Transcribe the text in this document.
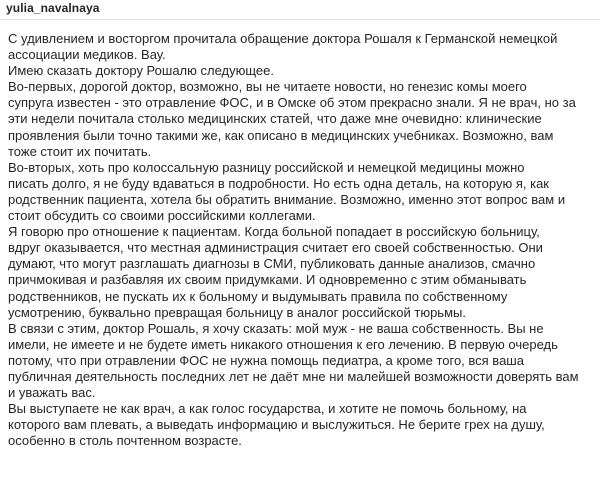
yulia_navalnaya

С удивлением и восторгом прочитала обращение доктора Рошаля к Германской немецкой
ассоциации медиков. Вау.

Имею сказать доктору Рошалю следующее.

Во-первых, дорогой доктор, возможно, вы не читаете новости, но генезис комы моего
супруга известен - это отравление ФОС, и в Омске об этом прекрасно знали. Я не врач, но за
эти недели почитала столько медицинских статей, что даже мне очевидно: клинические
проявления были точно такими же, как описано в медицинских учебниках. Возможно, вам
тоже стоит их почитать.

Во-вторых, хоть про колоссальную разницу российской и немецкой медицины можно
писать долго, я не буду вдаваться в подробности. Но есть одна деталь, на которую я, как
родственник пациента, хотела бы обратить внимание. Возможно, именно этот вопрос вам и
стоит обсудить со своими российскими коллегами.

Я говорю про отношение к пациентам. Когда больной попадает в российскую больницу,
вдруг оказывается, что местная администрация считает его своей собственностью. Они
думают, что могут разглашать диагнозы в СМИ, публиковать данные анализов, смачно
причмокивая и разбавляя их своим придумками. И одновременно с этим обманывать
родственников, не пускать их к больному и выдумывать правила по собственному
усмотрению, буквально превращая больницу в аналог российской тюрьмы.

В связи с этим, доктор Рошаль, я хочу сказать: мой муж - не ваша собственность. Вы не
имели, не имеете и не будете иметь никакого отношения к его лечению. В первую очередь
потому, что при отравлении ФОС не нужна помощь педиатра, а кроме того, вся ваша
публичная деятельность последних лет не даёт мне ни малейшей возможности доверять вам
и уважать вас.

Вы выступаете не как врач, а как голос государства, и хотите не помочь больному, на
которого вам плевать, а выведать информацию и выслужиться. Не берите грех на душу,
особенно в столь почтенном возрасте.
